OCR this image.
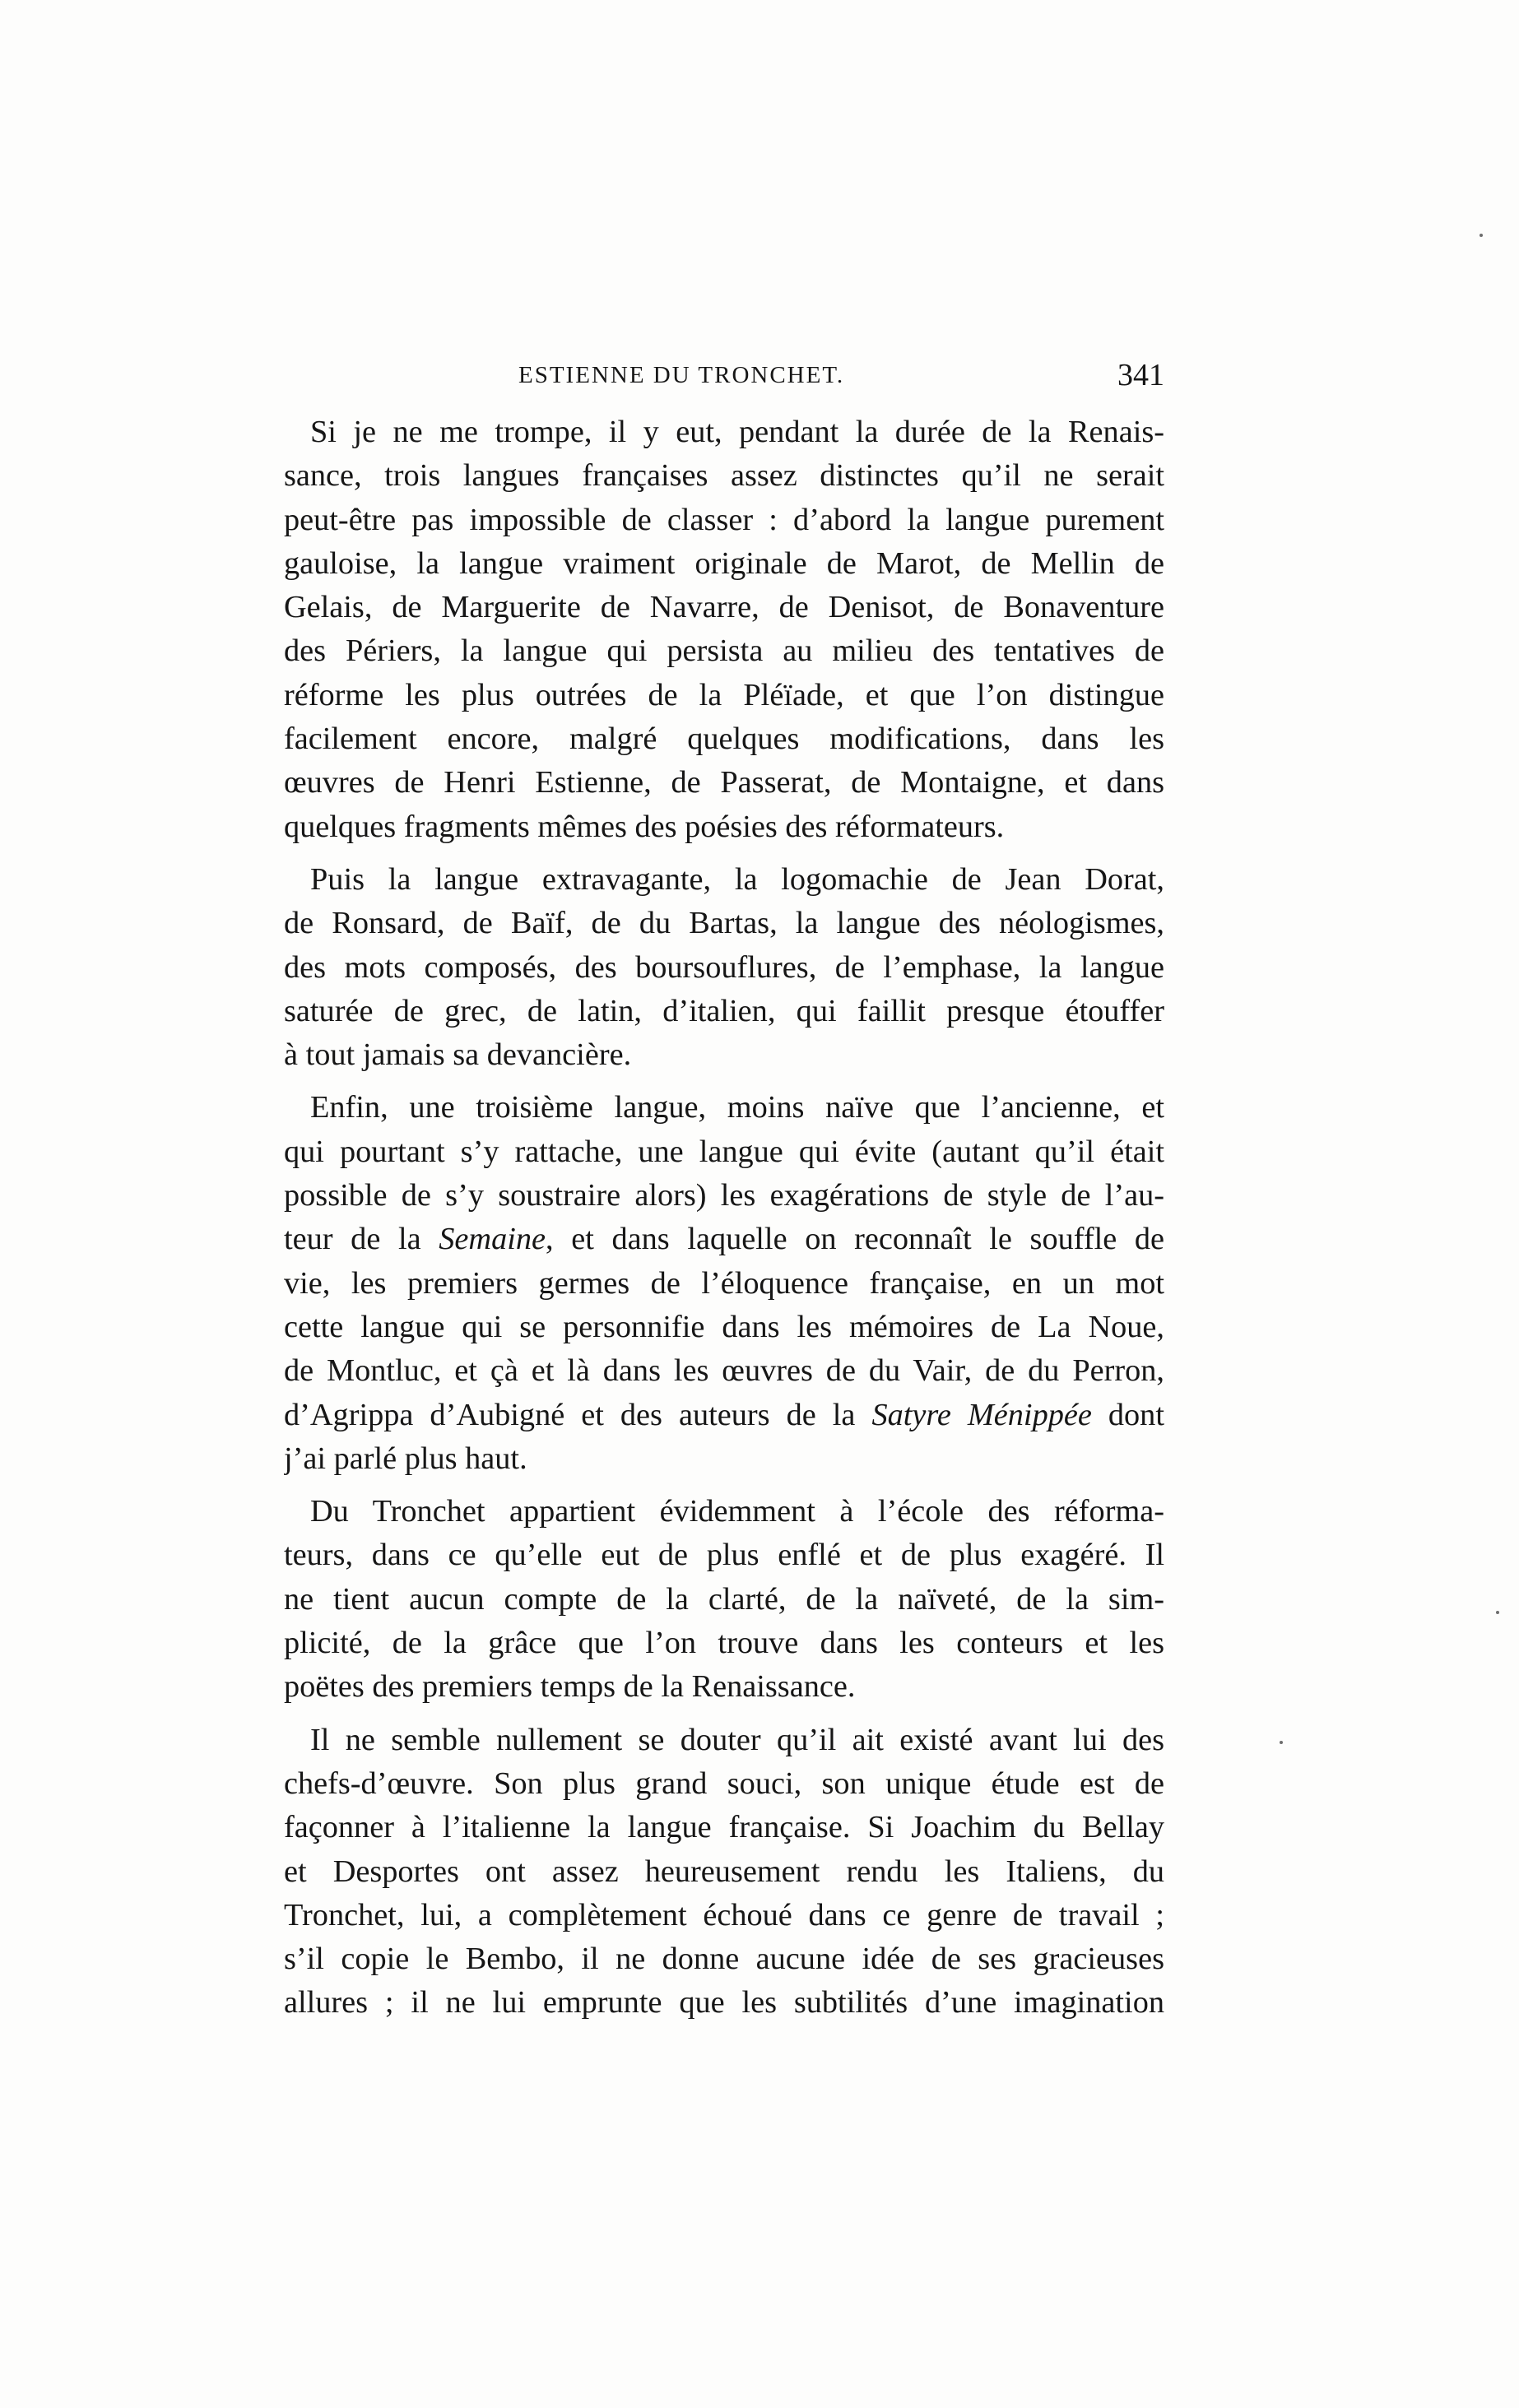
ESTIENNE DU TRONCHET.	341
Si je ne me trompe, il y eut, pendant la durée de la Renais-
sance, trois langues françaises assez distinctes qu’il ne serait
peut-être pas impossible de classer : d’abord la langue purement
gauloise, la langue vraiment originale de Marot, de Mellin de
Gelais, de Marguerite de Navarre, de Denisot, de Bonaventure
des Périers, la langue qui persista au milieu des tentatives de
réforme les plus outrées de la Pléïade, et que l’on distingue
facilement encore, malgré quelques modifications, dans les
œuvres de Henri Estienne, de Passerat, de Montaigne, et dans
quelques fragments mêmes des poésies des réformateurs.
Puis la langue extravagante, la logomachie de Jean Dorat,
de Ronsard, de Baïf, de du Bartas, la langue des néologismes,
des mots composés, des boursouflures, de l’emphase, la langue
saturée de grec, de latin, d’italien, qui faillit presque étouffer
à tout jamais sa devancière.
Enfin, une troisième langue, moins naïve que l’ancienne, et
qui pourtant s’y rattache, une langue qui évite (autant qu’il était
possible de s’y soustraire alors) les exagérations de style de l’au-
teur de la Semaine, et dans laquelle on reconnaît le souffle de
vie, les premiers germes de l’éloquence française, en un mot
cette langue qui se personnifie dans les mémoires de La Noue,
de Montluc, et çà et là dans les œuvres de du Vair, de du Perron,
d’Agrippa d’Aubigné et des auteurs de la Satyre Ménippée dont
j’ai parlé plus haut.
Du Tronchet appartient évidemment à l’école des réforma-
teurs, dans ce qu’elle eut de plus enflé et de plus exagéré. Il
ne tient aucun compte de la clarté, de la naïveté, de la sim-
plicité, de la grâce que l’on trouve dans les conteurs et les
poëtes des premiers temps de la Renaissance.
Il ne semble nullement se douter qu’il ait existé avant lui des
chefs-d’œuvre. Son plus grand souci, son unique étude est de
façonner à l’italienne la langue française. Si Joachim du Bellay
et Desportes ont assez heureusement rendu les Italiens, du
Tronchet, lui, a complètement échoué dans ce genre de travail ;
s’il copie le Bembo, il ne donne aucune idée de ses gracieuses
allures ; il ne lui emprunte que les subtilités d’une imagination
